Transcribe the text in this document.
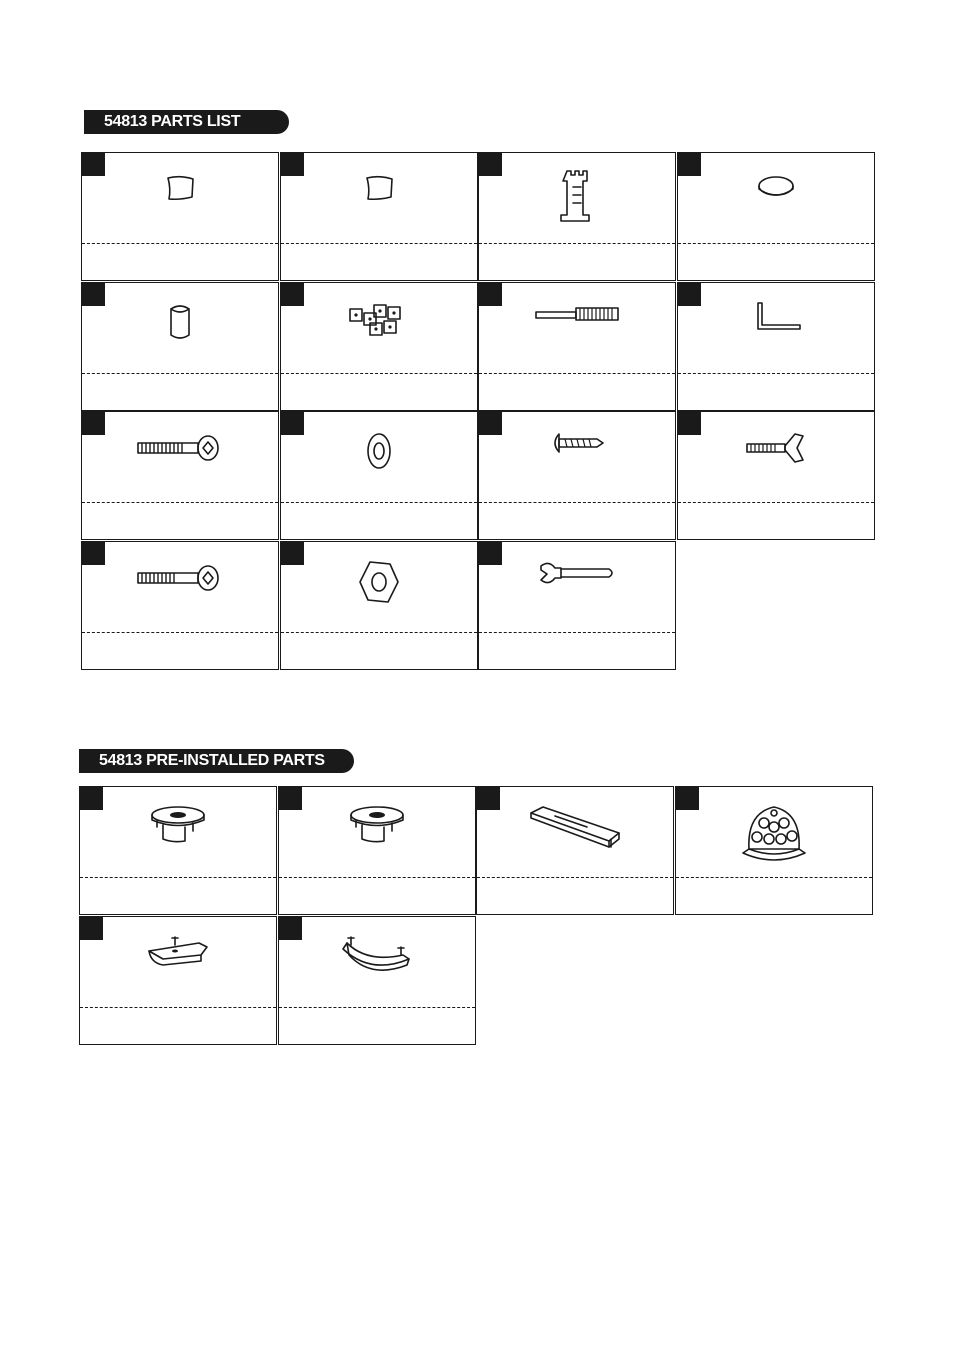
54813 PARTS LIST
54813 PRE-INSTALLED PARTS
